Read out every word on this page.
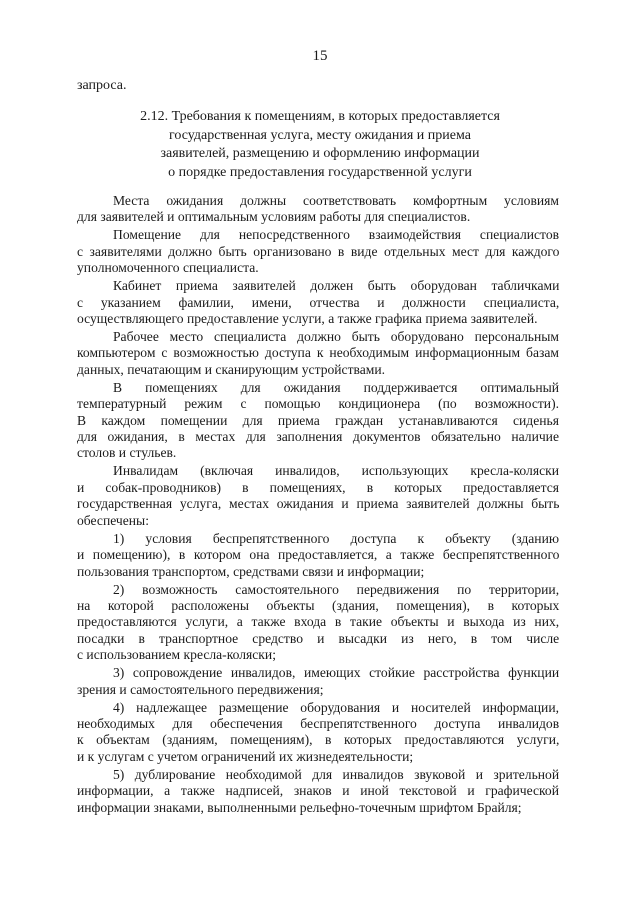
15
запроса.
2.12. Требования к помещениям, в которых предоставляется
государственная услуга, месту ожидания и приема
заявителей, размещению и оформлению информации
о порядке предоставления государственной услуги
Места ожидания должны соответствовать комфортным условиям
для заявителей и оптимальным условиям работы для специалистов.
Помещение для непосредственного взаимодействия специалистов
с заявителями должно быть организовано в виде отдельных мест для каждого
уполномоченного специалиста.
Кабинет приема заявителей должен быть оборудован табличками
с указанием фамилии, имени, отчества и должности специалиста,
осуществляющего предоставление услуги, а также графика приема заявителей.
Рабочее место специалиста должно быть оборудовано персональным
компьютером с возможностью доступа к необходимым информационным базам
данных, печатающим и сканирующим устройствами.
В помещениях для ожидания поддерживается оптимальный
температурный режим с помощью кондиционера (по возможности).
В каждом помещении для приема граждан устанавливаются сиденья
для ожидания, в местах для заполнения документов обязательно наличие
столов и стульев.
Инвалидам (включая инвалидов, использующих кресла-коляски
и собак-проводников) в помещениях, в которых предоставляется
государственная услуга, местах ожидания и приема заявителей должны быть
обеспечены:
1) условия беспрепятственного доступа к объекту (зданию
и помещению), в котором она предоставляется, а также беспрепятственного
пользования транспортом, средствами связи и информации;
2) возможность самостоятельного передвижения по территории,
на которой расположены объекты (здания, помещения), в которых
предоставляются услуги, а также входа в такие объекты и выхода из них,
посадки в транспортное средство и высадки из него, в том числе
с использованием кресла-коляски;
3) сопровождение инвалидов, имеющих стойкие расстройства функции
зрения и самостоятельного передвижения;
4) надлежащее размещение оборудования и носителей информации,
необходимых для обеспечения беспрепятственного доступа инвалидов
к объектам (зданиям, помещениям), в которых предоставляются услуги,
и к услугам с учетом ограничений их жизнедеятельности;
5) дублирование необходимой для инвалидов звуковой и зрительной
информации, а также надписей, знаков и иной текстовой и графической
информации знаками, выполненными рельефно-точечным шрифтом Брайля;
